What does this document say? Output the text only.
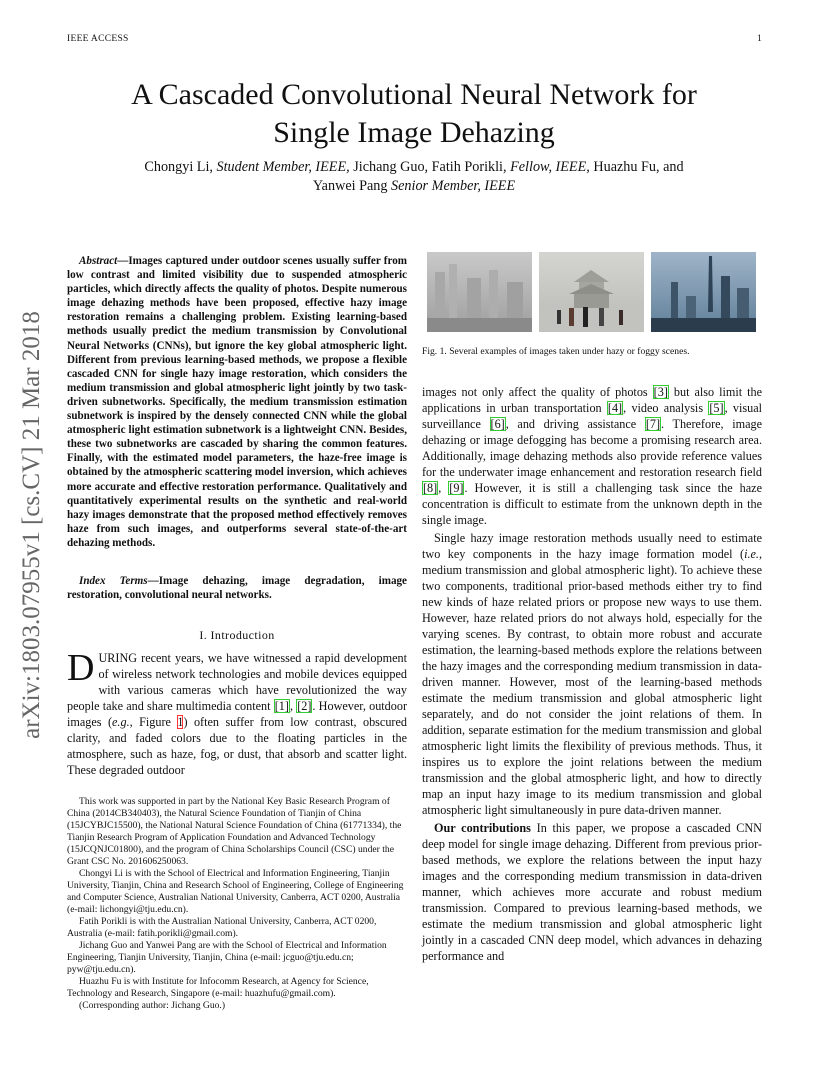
IEEE ACCESS	1
arXiv:1803.07955v1 [cs.CV] 21 Mar 2018
A Cascaded Convolutional Neural Network for
Single Image Dehazing
Chongyi Li, Student Member, IEEE, Jichang Guo, Fatih Porikli, Fellow, IEEE, Huazhu Fu, and
Yanwei Pang Senior Member, IEEE
Abstract—Images captured under outdoor scenes usually suffer from low contrast and limited visibility due to suspended atmospheric particles, which directly affects the quality of photos. Despite numerous image dehazing methods have been proposed, effective hazy image restoration remains a challenging problem. Existing learning-based methods usually predict the medium transmission by Convolutional Neural Networks (CNNs), but ignore the key global atmospheric light. Different from previous learning-based methods, we propose a flexible cascaded CNN for single hazy image restoration, which considers the medium transmission and global atmospheric light jointly by two task-driven subnetworks. Specifically, the medium transmission estimation subnetwork is inspired by the densely connected CNN while the global atmospheric light estimation subnetwork is a lightweight CNN. Besides, these two subnetworks are cascaded by sharing the common features. Finally, with the estimated model parameters, the haze-free image is obtained by the atmospheric scattering model inversion, which achieves more accurate and effective restoration performance. Qualitatively and quantitatively experimental results on the synthetic and real-world hazy images demonstrate that the proposed method effectively removes haze from such images, and outperforms several state-of-the-art dehazing methods.
Index Terms—Image dehazing, image degradation, image restoration, convolutional neural networks.
I. Introduction
DURING recent years, we have witnessed a rapid development of wireless network technologies and mobile devices equipped with various cameras which have revolutionized the way people take and share multimedia content [1], [2]. However, outdoor images (e.g., Figure 1) often suffer from low contrast, obscured clarity, and faded colors due to the floating particles in the atmosphere, such as haze, fog, or dust, that absorb and scatter light. These degraded outdoor

This work was supported in part by the National Key Basic Research Program of China (2014CB340403), the Natural Science Foundation of Tianjin of China (15JCYBJC15500), the National Natural Science Foundation of China (61771334), the Tianjin Research Program of Application Foundation and Advanced Technology (15JCQNJC01800), and the program of China Scholarships Council (CSC) under the Grant CSC No. 201606250063.

Chongyi Li is with the School of Electrical and Information Engineering, Tianjin University, Tianjin, China and Research School of Engineering, College of Engineering and Computer Science, Australian National University, Canberra, ACT 0200, Australia (e-mail: lichongyi@tju.edu.cn).

Fatih Porikli is with the Australian National University, Canberra, ACT 0200, Australia (e-mail: fatih.porikli@gmail.com).

Jichang Guo and Yanwei Pang are with the School of Electrical and Information Engineering, Tianjin University, Tianjin, China (e-mail: jcguo@tju.edu.cn; pyw@tju.edu.cn).

Huazhu Fu is with Institute for Infocomm Research, at Agency for Science, Technology and Research, Singapore (e-mail: huazhufu@gmail.com).

(Corresponding author: Jichang Guo.)

Fig. 1. Several examples of images taken under hazy or foggy scenes.

images not only affect the quality of photos [3] but also limit the applications in urban transportation [4], video analysis [5], visual surveillance [6], and driving assistance [7]. Therefore, image dehazing or image defogging has become a promising research area. Additionally, image dehazing methods also provide reference values for the underwater image enhancement and restoration research field [8], [9]. However, it is still a challenging task since the haze concentration is difficult to estimate from the unknown depth in the single image.

Single hazy image restoration methods usually need to estimate two key components in the hazy image formation model (i.e., medium transmission and global atmospheric light). To achieve these two components, traditional prior-based methods either try to find new kinds of haze related priors or propose new ways to use them. However, haze related priors do not always hold, especially for the varying scenes. By contrast, to obtain more robust and accurate estimation, the learning-based methods explore the relations between the hazy images and the corresponding medium transmission in data-driven manner. However, most of the learning-based methods estimate the medium transmission and global atmospheric light separately, and do not consider the joint relations of them. In addition, separate estimation for the medium transmission and global atmospheric light limits the flexibility of previous methods. Thus, it inspires us to explore the joint relations between the medium transmission and the global atmospheric light, and how to directly map an input hazy image to its medium transmission and global atmospheric light simultaneously in pure data-driven manner.

Our contributions In this paper, we propose a cascaded CNN deep model for single image dehazing. Different from previous prior-based methods, we explore the relations between the input hazy images and the corresponding medium transmission in data-driven manner, which achieves more accurate and robust medium transmission. Compared to previous learning-based methods, we estimate the medium transmission and global atmospheric light jointly in a cascaded CNN deep model, which advances in dehazing performance and
